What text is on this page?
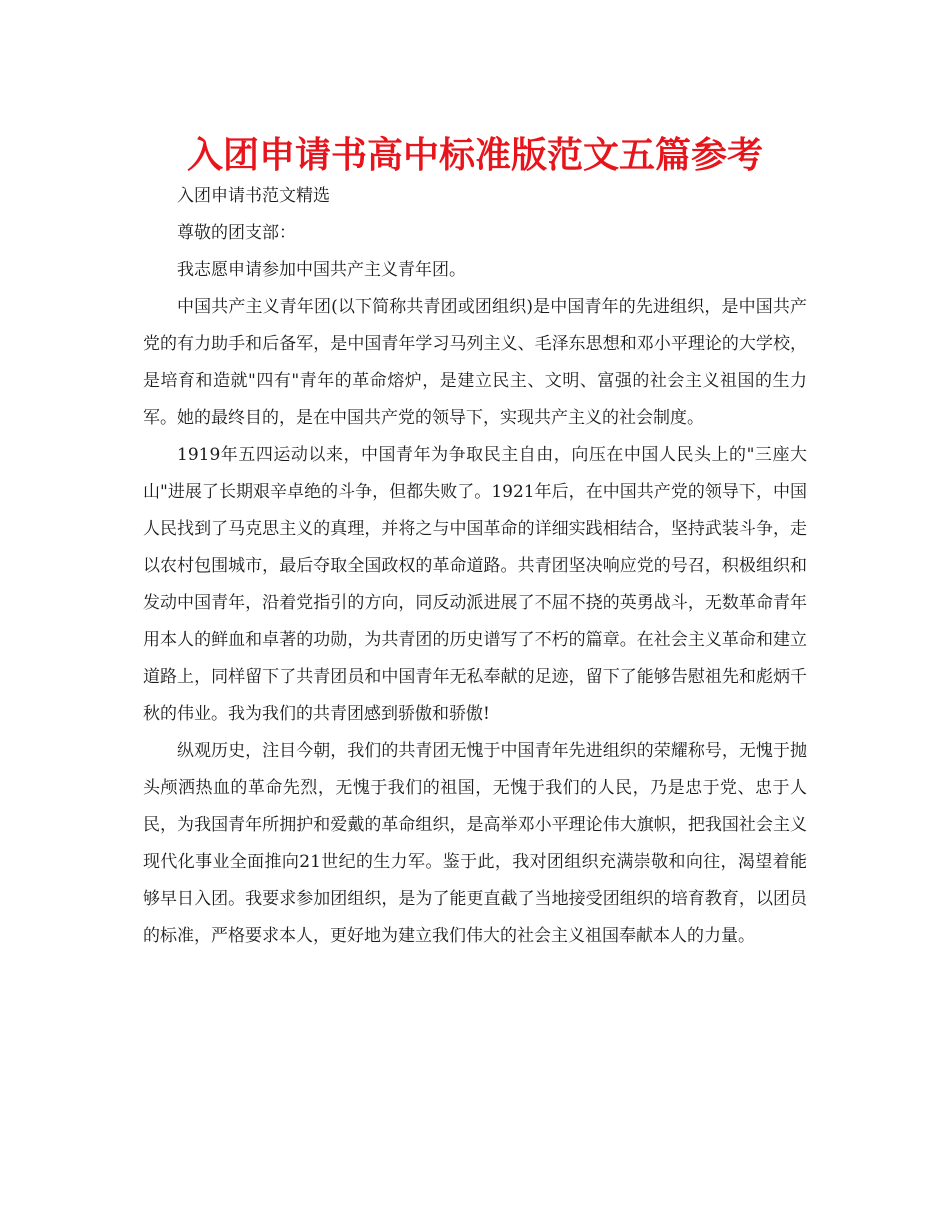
入团申请书高中标准版范文五篇参考

入团申请书范文精选

尊敬的团支部：

我志愿申请参加中国共产主义青年团。

中国共产主义青年团(以下简称共青团或团组织)是中国青年的先进组织，是中国共产党的有力助手和后备军，是中国青年学习马列主义、毛泽东思想和邓小平理论的大学校，是培育和造就"四有"青年的革命熔炉，是建立民主、文明、富强的社会主义祖国的生力军。她的最终目的，是在中国共产党的领导下，实现共产主义的社会制度。

1919年五四运动以来，中国青年为争取民主自由，向压在中国人民头上的"三座大山"进展了长期艰辛卓绝的斗争，但都失败了。1921年后，在中国共产党的领导下，中国人民找到了马克思主义的真理，并将之与中国革命的详细实践相结合，坚持武装斗争，走以农村包围城市，最后夺取全国政权的革命道路。共青团坚决响应党的号召，积极组织和发动中国青年，沿着党指引的方向，同反动派进展了不屈不挠的英勇战斗，无数革命青年用本人的鲜血和卓著的功勋，为共青团的历史谱写了不朽的篇章。在社会主义革命和建立道路上，同样留下了共青团员和中国青年无私奉献的足迹，留下了能够告慰祖先和彪炳千秋的伟业。我为我们的共青团感到骄傲和骄傲!

纵观历史，注目今朝，我们的共青团无愧于中国青年先进组织的荣耀称号，无愧于抛头颅洒热血的革命先烈，无愧于我们的祖国，无愧于我们的人民，乃是忠于党、忠于人民，为我国青年所拥护和爱戴的革命组织，是高举邓小平理论伟大旗帜，把我国社会主义现代化事业全面推向21世纪的生力军。鉴于此，我对团组织充满崇敬和向往，渴望着能够早日入团。我要求参加团组织，是为了能更直截了当地接受团组织的培育教育，以团员的标准，严格要求本人，更好地为建立我们伟大的社会主义祖国奉献本人的力量。
